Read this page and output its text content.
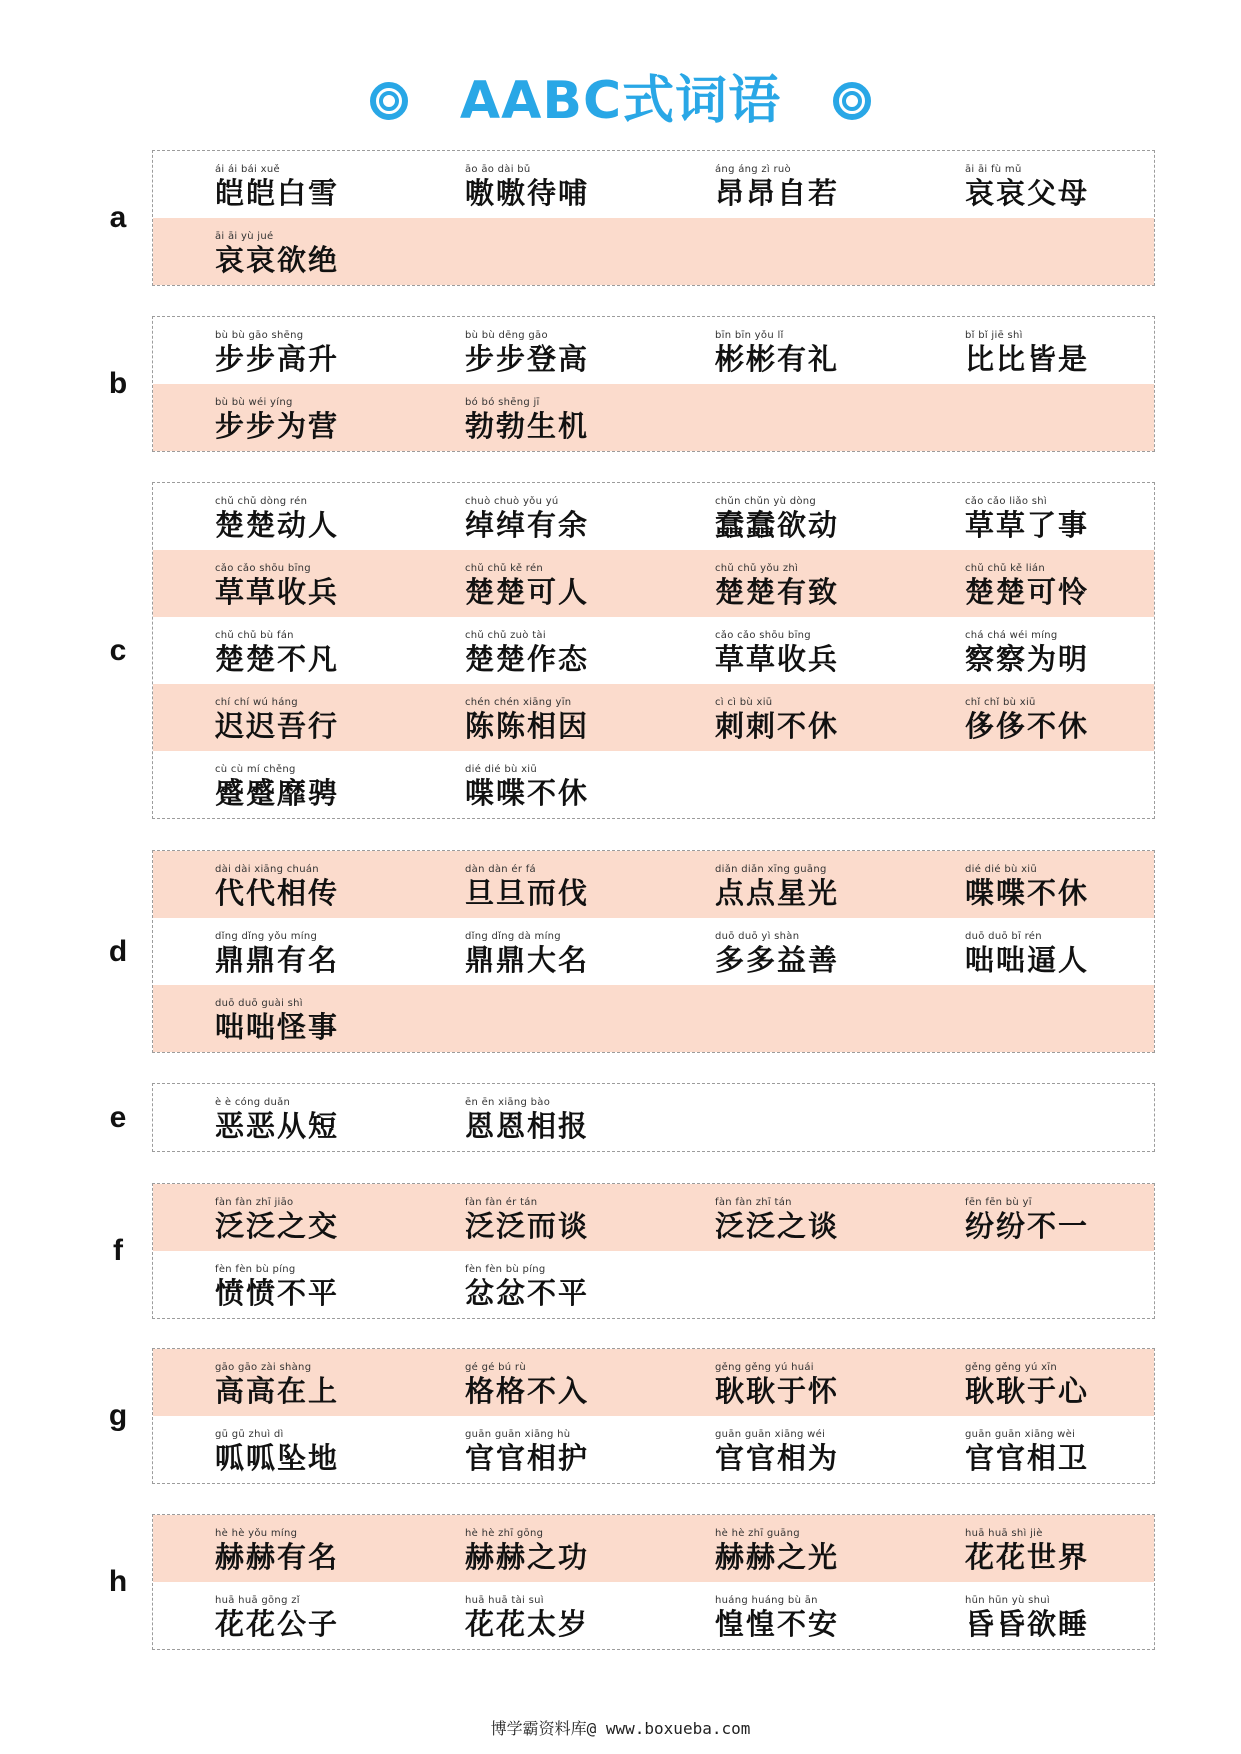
AABC式词语
a
ái ái bái xuě
皑皑白雪
āo āo dài bǔ
嗷嗷待哺
áng áng zì ruò
昂昂自若
āi āi fù mǔ
哀哀父母
āi āi yù jué
哀哀欲绝
b
bù bù gāo shēng
步步高升
bù bù dēng gāo
步步登高
bīn bīn yǒu lǐ
彬彬有礼
bǐ bǐ jiē shì
比比皆是
bù bù wéi yíng
步步为营
bó bó shēng jī
勃勃生机
c
chǔ chǔ dòng rén
楚楚动人
chuò chuò yǒu yú
绰绰有余
chǔn chǔn yù dòng
蠢蠢欲动
cǎo cǎo liǎo shì
草草了事
cǎo cǎo shōu bīng
草草收兵
chǔ chǔ kě rén
楚楚可人
chǔ chǔ yǒu zhì
楚楚有致
chǔ chǔ kě lián
楚楚可怜
chǔ chǔ bù fán
楚楚不凡
chǔ chǔ zuò tài
楚楚作态
cǎo cǎo shōu bīng
草草收兵
chá chá wéi míng
察察为明
chí chí wú háng
迟迟吾行
chén chén xiāng yīn
陈陈相因
cì cì bù xiū
刺刺不休
chǐ chǐ bù xiū
侈侈不休
cù cù mí chěng
蹙蹙靡骋
dié dié bù xiū
喋喋不休
d
dài dài xiāng chuán
代代相传
dàn dàn ér fá
旦旦而伐
diǎn diǎn xīng guāng
点点星光
dié dié bù xiū
喋喋不休
dǐng dǐng yǒu míng
鼎鼎有名
dǐng dǐng dà míng
鼎鼎大名
duō duō yì shàn
多多益善
duō duō bī rén
咄咄逼人
duō duō guài shì
咄咄怪事
e	è è cóng duǎn
恶恶从短
ēn ēn xiāng bào
恩恩相报
f
fàn fàn zhī jiāo
泛泛之交
fàn fàn ér tán
泛泛而谈
fàn fàn zhī tán
泛泛之谈
fēn fēn bù yī
纷纷不一
fèn fèn bù píng
愤愤不平
fèn fèn bù píng
忿忿不平
g
gāo gāo zài shàng
高高在上
gé gé bú rù
格格不入
gěng gěng yú huái
耿耿于怀
gěng gěng yú xīn
耿耿于心
gū gū zhuì dì
呱呱坠地
guān guān xiāng hù
官官相护
guān guān xiāng wéi
官官相为
guān guān xiāng wèi
官官相卫
h
hè hè yǒu míng
赫赫有名
hè hè zhī gōng
赫赫之功
hè hè zhī guāng
赫赫之光
huā huā shì jiè
花花世界
huā huā gōng zǐ
花花公子
huā huā tài suì
花花太岁
huáng huáng bù ān
惶惶不安
hūn hūn yù shuì
昏昏欲睡
博学霸资料库@ www.boxueba.com
